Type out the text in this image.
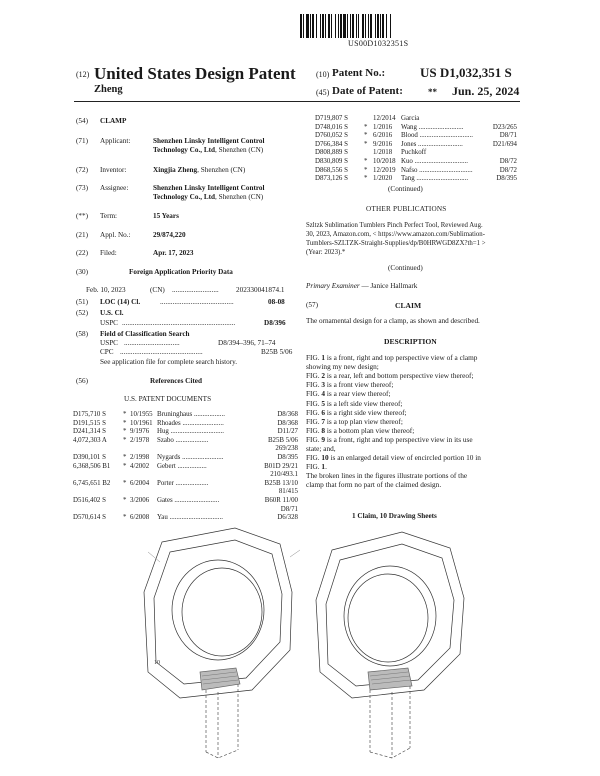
US00D1032351S
(12) United States Design Patent
Zheng
(10) Patent No.:	US D1,032,351 S
(45) Date of Patent:	** Jun. 25, 2024
(54) CLAMP
(71) Applicant:	Shenzhen Linsky Intelligent Control
Technology Co., Ltd, Shenzhen (CN)
(72) Inventor:	Xingjia Zheng, Shenzhen (CN)
(73) Assignee:	Shenzhen Linsky Intelligent Control
Technology Co., Ltd, Shenzhen (CN)
(**) Term:	15 Years
(21) Appl. No.:	29/874,220
(22) Filed:	Apr. 17, 2023
(30)	Foreign Application Priority Data
Feb. 10, 2023	(CN) .......................... 202330041874.1
(51) LOC (14) Cl.	.........................................	08-08
(52) U.S. Cl.
USPC ...............................................................	D8/396
(58) Field of Classification Search
USPC ...............................	D8/394–396, 71–74
CPC ..............................................	B25B 5/06
See application file for complete search history.
(56)	References Cited
U.S. PATENT DOCUMENTS
D175,710 S * 10/1955 Bruninghaus ..................	D8/368
D191,515 S * 10/1961 Rhoades ........................	D8/368
D241,314 S * 9/1976 Hug ...............................	D11/27
4,072,303 A * 2/1978 Szabo ...................	B25B 5/06
269/238
D390,101 S * 2/1998 Nygards ........................	D8/395
6,368,506 B1 * 4/2002 Gebert .................	B01D 29/21
210/493.1
6,745,651 B2 * 6/2004 Porter ...................	B25B 13/10
81/415
D516,402 S * 3/2006 Gates ..........................	B60R 11/00
D8/71
D570,614 S * 6/2008 Yau ...............................	D6/328
D719,807 S	12/2014 Garcia
D748,016 S * 1/2016 Wang ..........................	D23/265
D760,052 S * 6/2016 Blood ...............................	D8/71
D766,384 S * 9/2016 Jones ..........................	D21/694
D808,889 S	1/2018 Puchkoff
D830,809 S * 10/2018 Kuo ...............................	D8/72
D868,556 S * 12/2019 Nafso ...............................	D8/72
D873,126 S * 1/2020 Tang ..............................	D8/395
(Continued)
OTHER PUBLICATIONS
Szltzk Sublimation Tumblers Pinch Perfect Tool, Reviewed Aug.
30, 2023, Amazon.com, < https://www.amazon.com/Sublimation-
Tumblers-SZLTZK-Straight-Supplies/dp/B0HRWGD8ZX?th=1 >
(Year: 2023).*
(Continued)
Primary Examiner — Janice Hallmark
(57)	CLAIM
The ornamental design for a clamp, as shown and described.
DESCRIPTION
FIG. 1 is a front, right and top perspective view of a clamp
showing my new design;
FIG. 2 is a rear, left and bottom perspective view thereof;
FIG. 3 is a front view thereof;
FIG. 4 is a rear view thereof;
FIG. 5 is a left side view thereof;
FIG. 6 is a right side view thereof;
FIG. 7 is a top plan view thereof;
FIG. 8 is a bottom plan view thereof;
FIG. 9 is a front, right and top perspective view in its use
state; and,
FIG. 10 is an enlarged detail view of encircled portion 10 in
FIG. 1.
The broken lines in the figures illustrate portions of the
clamp that form no part of the claimed design.
1 Claim, 10 Drawing Sheets
10
